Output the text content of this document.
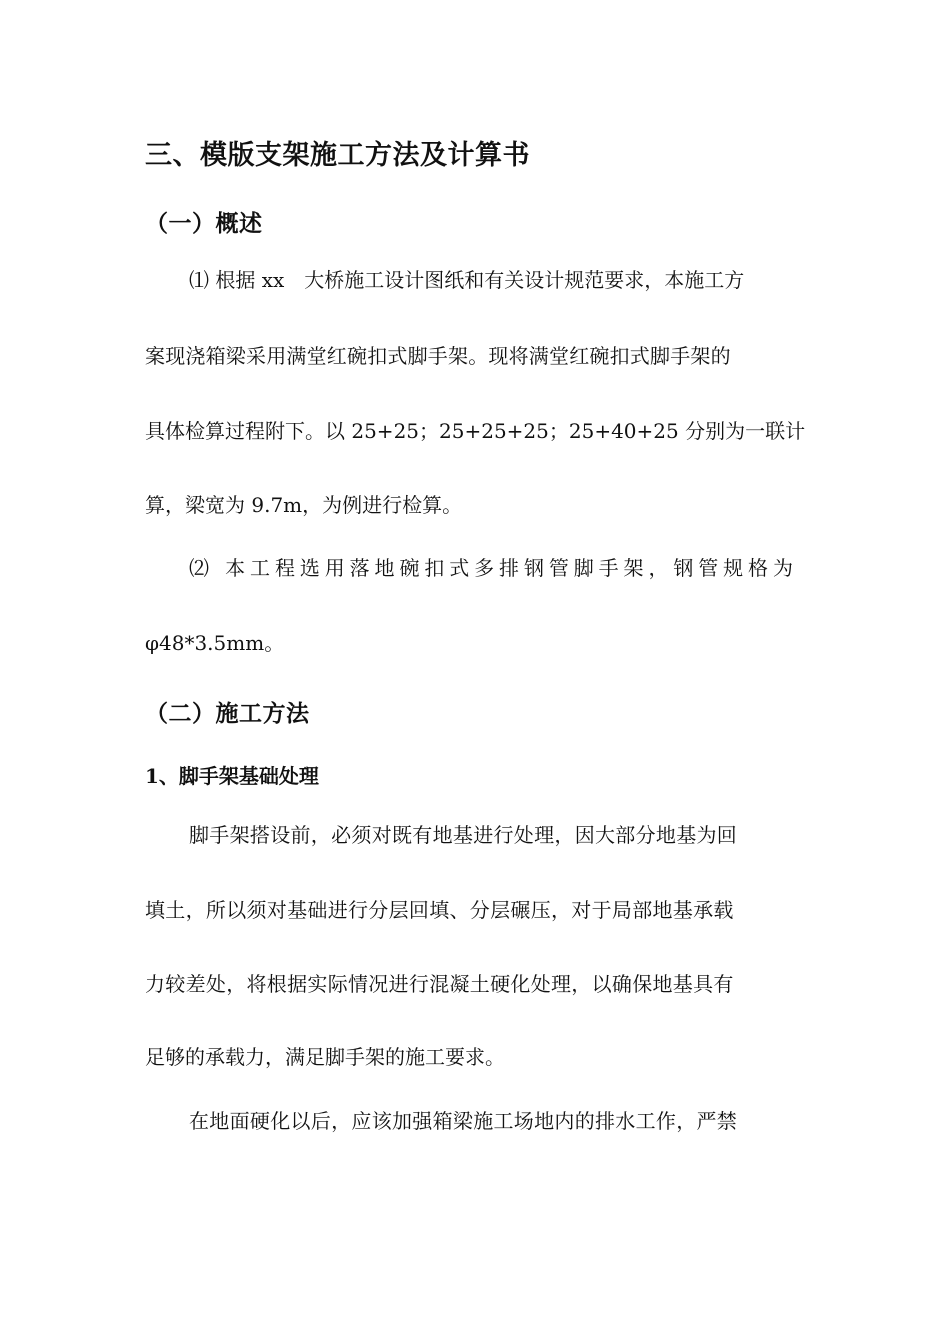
三、模版支架施工方法及计算书
（一）概述
⑴ 根据 xx　大桥施工设计图纸和有关设计规范要求，本施工方
案现浇箱梁采用满堂红碗扣式脚手架。现将满堂红碗扣式脚手架的
具体检算过程附下。以 25+25；25+25+25；25+40+25 分别为一联计
算，梁宽为 9.7m，为例进行检算。
⑵ 本工程选用落地碗扣式多排钢管脚手架，钢管规格为
φ48*3.5mm。
（二）施工方法
1、脚手架基础处理
脚手架搭设前，必须对既有地基进行处理，因大部分地基为回
填土，所以须对基础进行分层回填、分层碾压，对于局部地基承载
力较差处，将根据实际情况进行混凝土硬化处理，以确保地基具有
足够的承载力，满足脚手架的施工要求。
在地面硬化以后，应该加强箱梁施工场地内的排水工作，严禁
